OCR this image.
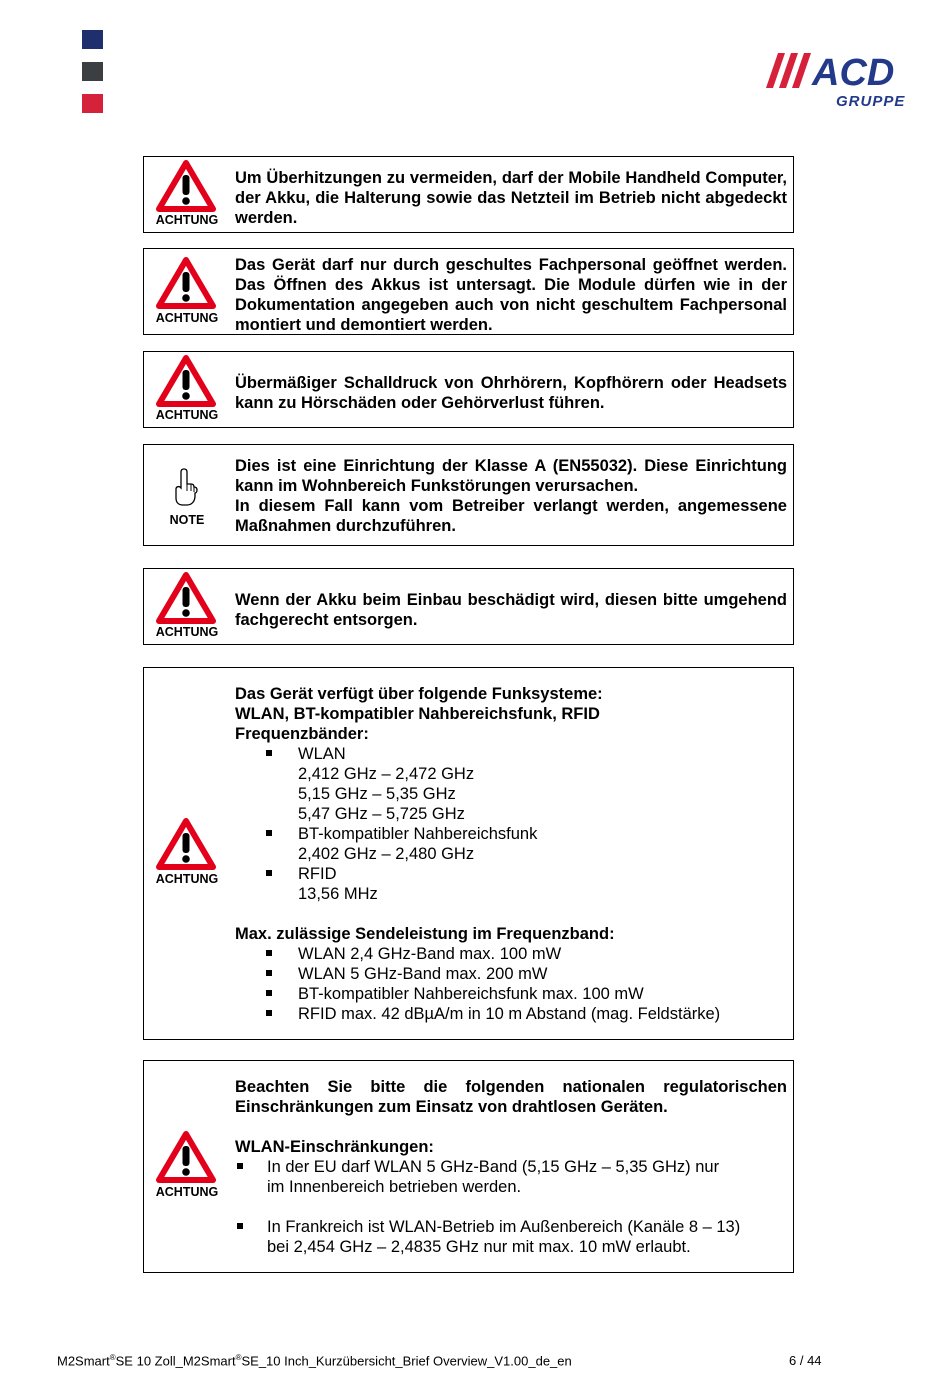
ACD
GRUPPE
ACHTUNG
Um Überhitzungen zu vermeiden, darf der Mobile Handheld Computer, der Akku, die Halterung sowie das Netzteil im Betrieb nicht abgedeckt werden.
ACHTUNG
Das Gerät darf nur durch geschultes Fachpersonal geöffnet werden. Das Öffnen des Akkus ist untersagt. Die Module dürfen wie in der Dokumentation angegeben auch von nicht geschultem Fachpersonal montiert und demontiert werden.
ACHTUNG
Übermäßiger Schalldruck von Ohrhörern, Kopfhörern oder Headsets kann zu Hörschäden oder Gehörverlust führen.
NOTE
Dies ist eine Einrichtung der Klasse A (EN55032). Diese Einrichtung kann im Wohnbereich Funkstörungen verursachen.
In diesem Fall kann vom Betreiber verlangt werden, angemessene Maßnahmen durchzuführen.
ACHTUNG
Wenn der Akku beim Einbau beschädigt wird, diesen bitte umgehend fachgerecht entsorgen.
ACHTUNG
Das Gerät verfügt über folgende Funksysteme:
WLAN, BT-kompatibler Nahbereichsfunk, RFID
Frequenzbänder:
WLAN
2,412 GHz – 2,472 GHz
5,15 GHz – 5,35 GHz
5,47 GHz – 5,725 GHz
BT-kompatibler Nahbereichsfunk
2,402 GHz – 2,480 GHz
RFID
13,56 MHz
Max. zulässige Sendeleistung im Frequenzband:
WLAN 2,4 GHz-Band max. 100 mW
WLAN 5 GHz-Band max. 200 mW
BT-kompatibler Nahbereichsfunk max. 100 mW
RFID max. 42 dBµA/m in 10 m Abstand (mag. Feldstärke)
ACHTUNG
Beachten Sie bitte die folgenden nationalen regulatorischen Einschränkungen zum Einsatz von drahtlosen Geräten.
WLAN-Einschränkungen:
In der EU darf WLAN 5 GHz-Band (5,15 GHz – 5,35 GHz) nur
im Innenbereich betrieben werden.
In Frankreich ist WLAN-Betrieb im Außenbereich (Kanäle 8 – 13)
bei 2,454 GHz – 2,4835 GHz nur mit max. 10 mW erlaubt.
M2Smart®SE 10 Zoll_M2Smart®SE_10 Inch_Kurzübersicht_Brief Overview_V1.00_de_en	6 / 44
